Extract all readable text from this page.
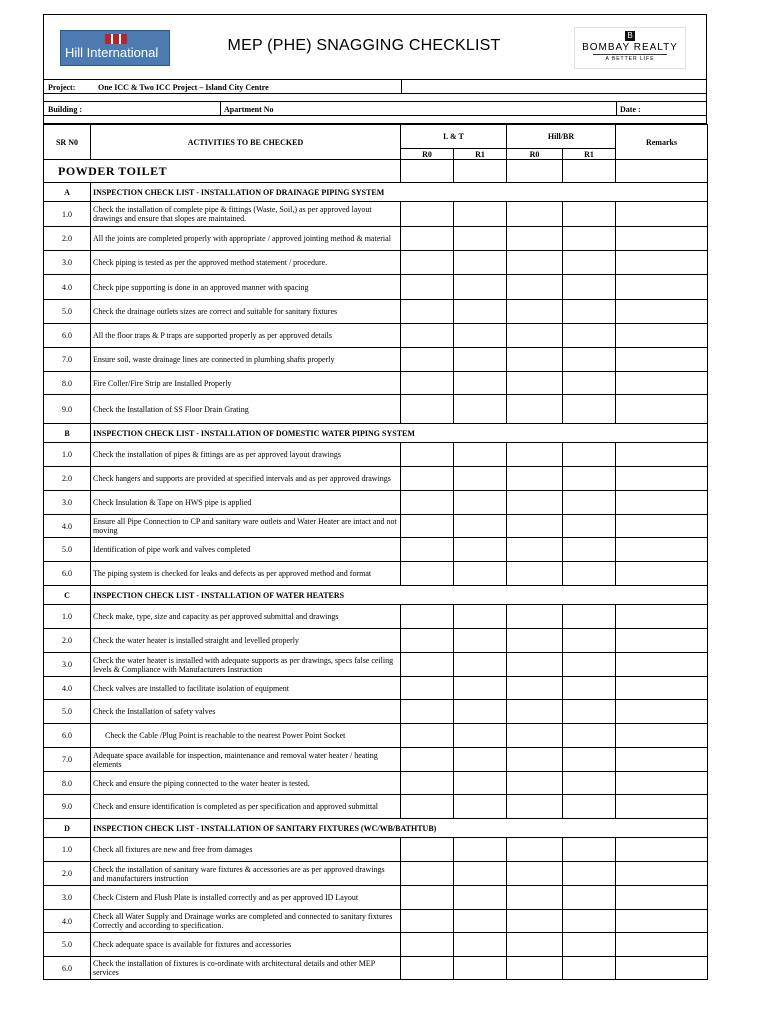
Hill International	MEP (PHE) SNAGGING CHECKLIST
B
BOMBAY REALTY
A BETTER LIFE
Project:	One ICC & Two ICC Project – Island City Centre
Building :	Apartment No	Date :
SR N0	ACTIVITIES TO BE CHECKED	L & T		Hill/BR		Remarks
		R0	R1	R0	R1	
POWDER TOILET						
A	INSPECTION CHECK LIST - INSTALLATION OF DRAINAGE PIPING SYSTEM					
1.0	Check the installation of complete pipe & fittings (Waste, Soil,) as per approved layout drawings and ensure that slopes are maintained.					
2.0	All the joints are completed properly with appropriate / approved jointing method & material					
3.0	Check piping is tested as per the approved method statement / procedure.					
4.0	Check pipe supporting is done in an approved manner with spacing					
5.0	Check the drainage outlets sizes are correct and suitable for sanitary fixtures					
6.0	All the floor traps & P traps are supported properly as per approved details					
7.0	Ensure soil, waste drainage lines are connected in plumbing shafts properly					
8.0	Fire Coller/Fire Strip are Installed Properly					
9.0	Check the Installation of SS Floor Drain Grating					
B	INSPECTION CHECK LIST - INSTALLATION OF DOMESTIC WATER PIPING SYSTEM					
1.0	Check the installation of pipes & fittings are as per approved layout drawings					
2.0	Check hangers and supports are provided at specified intervals and as per approved drawings					
3.0	Check Insulation & Tape on HWS pipe is applied					
4.0	Ensure all Pipe Connection to CP and sanitary ware outlets and Water Heater are intact and not moving					
5.0	Identification of pipe work and valves completed					
6.0	The piping system is checked for leaks and defects as per approved method and format					
C	INSPECTION CHECK LIST - INSTALLATION OF WATER HEATERS					
1.0	Check make, type, size and capacity as per approved submittal and drawings					
2.0	Check the water heater is installed straight and levelled properly					
3.0	Check the water heater is installed with adequate supports as per drawings, specs false ceiling levels & Compliance with Manufacturers Instruction					
4.0	Check valves are installed to facilitate isolation of equipment					
5.0	Check the Installation of safety valves					
6.0	Check the Cable /Plug Point is reachable to the nearest Power Point Socket					
7.0	Adequate space available for inspection, maintenance and removal water heater / heating elements					
8.0	Check and ensure the piping connected to the water heater is tested.					
9.0	Check and ensure identification is completed as per specification and approved submittal					
D	INSPECTION CHECK LIST - INSTALLATION OF SANITARY FIXTURES (WC/WB/BATHTUB)					
1.0	Check all fixtures are new and free from damages					
2.0	Check the installation of sanitary ware fixtures & accessories are as per approved drawings and manufacturers instruction					
3.0	Check Cistern and Flush Plate is installed correctly and as per approved ID Layout					
4.0	Check all Water Supply and Drainage works are completed and connected to sanitary fixtures Correctly and according to specification.					
5.0	Check adequate space is available for fixtures and accessories					
6.0	Check the installation of fixtures is co-ordinate with architectural details and other MEP services					
